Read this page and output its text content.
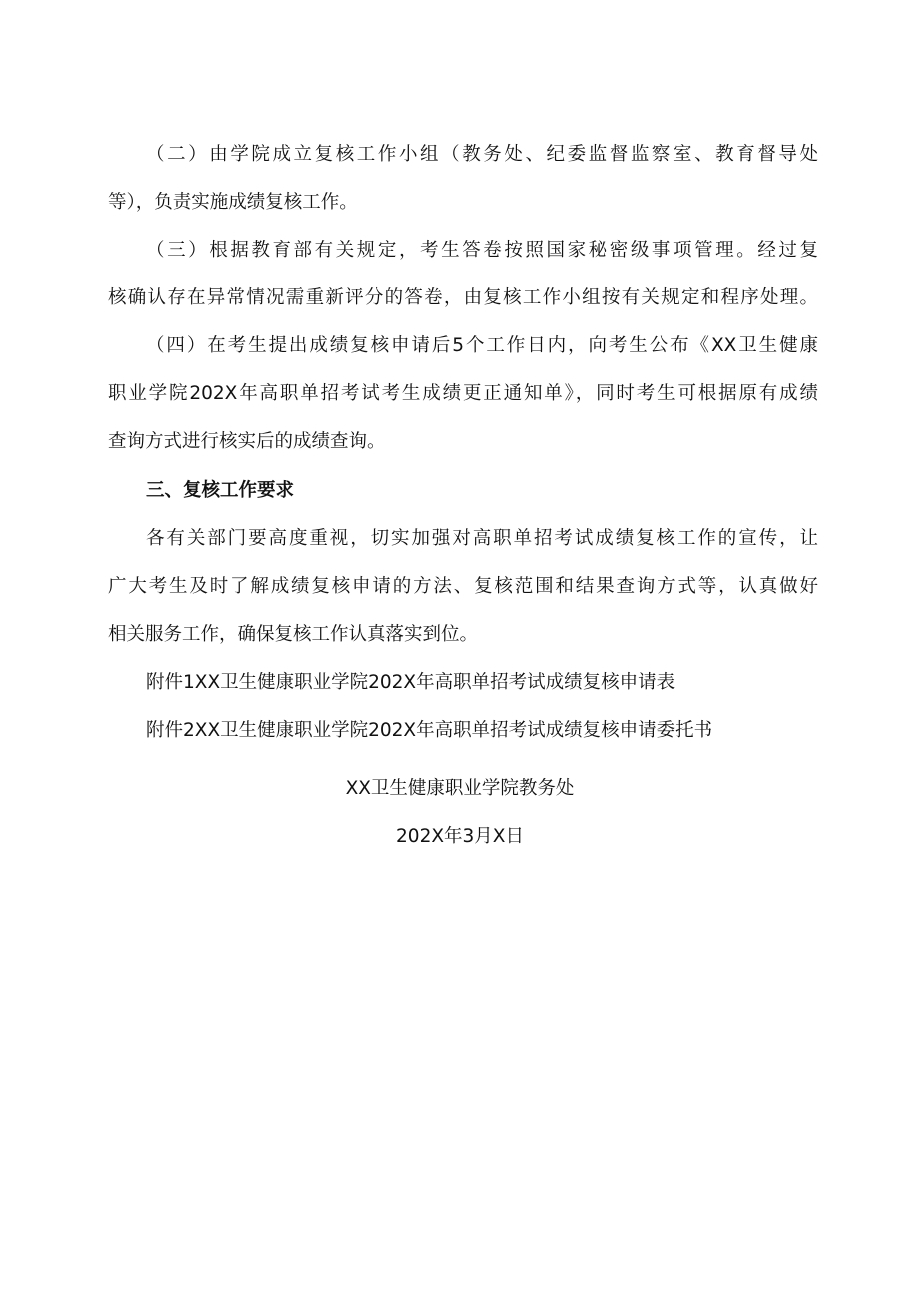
（二）由学院成立复核工作小组（教务处、纪委监督监察室、教育督导处
等），负责实施成绩复核工作。
（三）根据教育部有关规定，考生答卷按照国家秘密级事项管理。经过复
核确认存在异常情况需重新评分的答卷，由复核工作小组按有关规定和程序处理。
（四）在考生提出成绩复核申请后5个工作日内，向考生公布《XX卫生健康
职业学院202X年高职单招考试考生成绩更正通知单》，同时考生可根据原有成绩
查询方式进行核实后的成绩查询。
三、复核工作要求
各有关部门要高度重视，切实加强对高职单招考试成绩复核工作的宣传，让
广大考生及时了解成绩复核申请的方法、复核范围和结果查询方式等，认真做好
相关服务工作，确保复核工作认真落实到位。
附件1XX卫生健康职业学院202X年高职单招考试成绩复核申请表
附件2XX卫生健康职业学院202X年高职单招考试成绩复核申请委托书
XX卫生健康职业学院教务处
202X年3月X日
